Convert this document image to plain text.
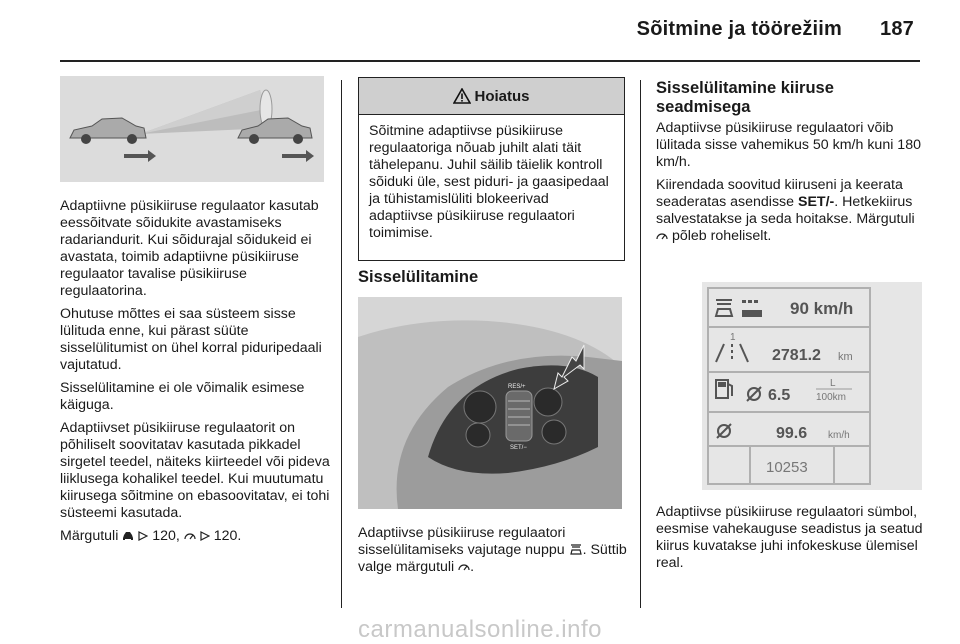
Sõitmine ja töörežiim 187

Adaptiivne püsikiiruse regulaator kasutab eessõitvate sõidukite avastamiseks radariandurit. Kui sõidurajal sõidukeid ei avastata, toimib adaptiivne püsikiiruse regulaator tavalise püsikiiruse regulaatorina.

Ohutuse mõttes ei saa süsteem sisse lülituda enne, kui pärast süüte sisselülitumist on ühel korral piduripedaali vajutatud.

Sisselülitamine ei ole võimalik esimese käiguga.

Adaptiivset püsikiiruse regulaatorit on põhiliselt soovitatav kasutada pikkadel sirgetel teedel, näiteks kiirteedel või pideva liiklusega kohalikel teedel. Kui muutumatu kiirusega sõitmine on ebasoovitatav, ei tohi süsteemi kasutada.

Märgutuli 120, 120.

Hoiatus
Sõitmine adaptiivse püsikiiruse regulaatoriga nõuab juhilt alati täit tähelepanu. Juhil säilib täielik kontroll sõiduki üle, sest piduri- ja gaasipedaal ja tühistamislüliti blokeerivad adaptiivse püsikiiruse regulaatori toimimise.
Sisselülitamine
RES/+
SET/−

Adaptiivse püsikiiruse regulaatori sisselülitamiseks vajutage nuppu . Süttib valge märgutuli .

Sisselülitamine kiiruse seadmisega

Adaptiivse püsikiiruse regulaatori võib lülitada sisse vahemikus 50 km/h kuni 180 km/h.

Kiirendada soovitud kiiruseni ja keerata seaderatas asendisse SET/-. Hetkekiirus salvestatakse ja seda hoitakse. Märgutuli  põleb roheliselt.

90 km/h
1
2781.2 km
6.5
L
100km
99.6 km/h
10253

Adaptiivse püsikiiruse regulaatori sümbol, eesmise vahekauguse seadistus ja seatud kiirus kuvatakse juhi infokeskuse ülemisel real.

carmanualsonline.info
